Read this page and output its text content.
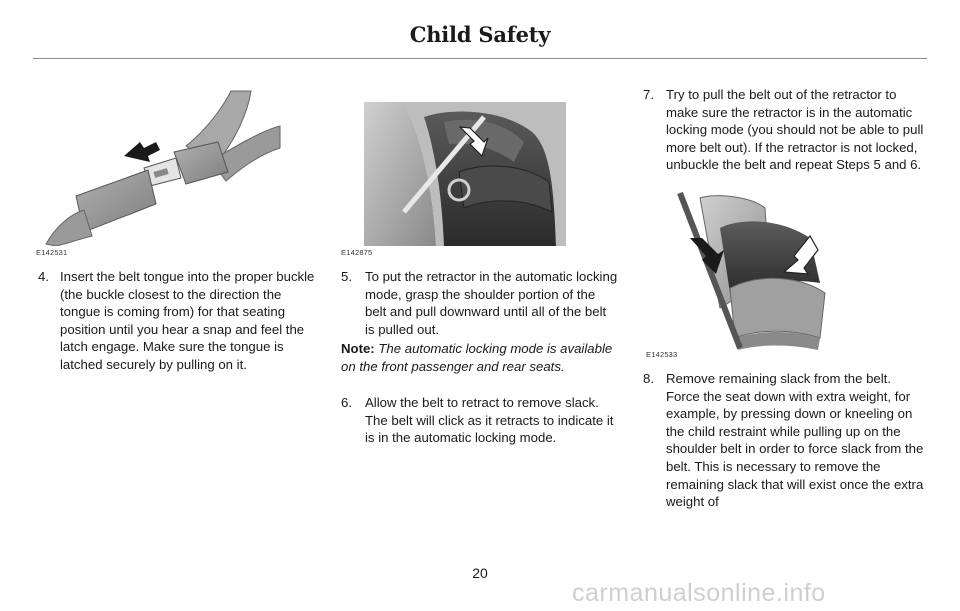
Child Safety
E142531	E142875
E142533
4. Insert the belt tongue into the proper buckle (the buckle closest to the direction the tongue is coming from) for that seating position until you hear a snap and feel the latch engage. Make sure the tongue is latched securely by pulling on it.
5. To put the retractor in the automatic locking mode, grasp the shoulder portion of the belt and pull downward until all of the belt is pulled out.
Note: The automatic locking mode is available on the front passenger and rear seats.
6. Allow the belt to retract to remove slack. The belt will click as it retracts to indicate it is in the automatic locking mode.
7. Try to pull the belt out of the retractor to make sure the retractor is in the automatic locking mode (you should not be able to pull more belt out). If the retractor is not locked, unbuckle the belt and repeat Steps 5 and 6.
8. Remove remaining slack from the belt. Force the seat down with extra weight, for example, by pressing down or kneeling on the child restraint while pulling up on the shoulder belt in order to force slack from the belt. This is necessary to remove the remaining slack that will exist once the extra weight of
20
carmanualsonline.info
